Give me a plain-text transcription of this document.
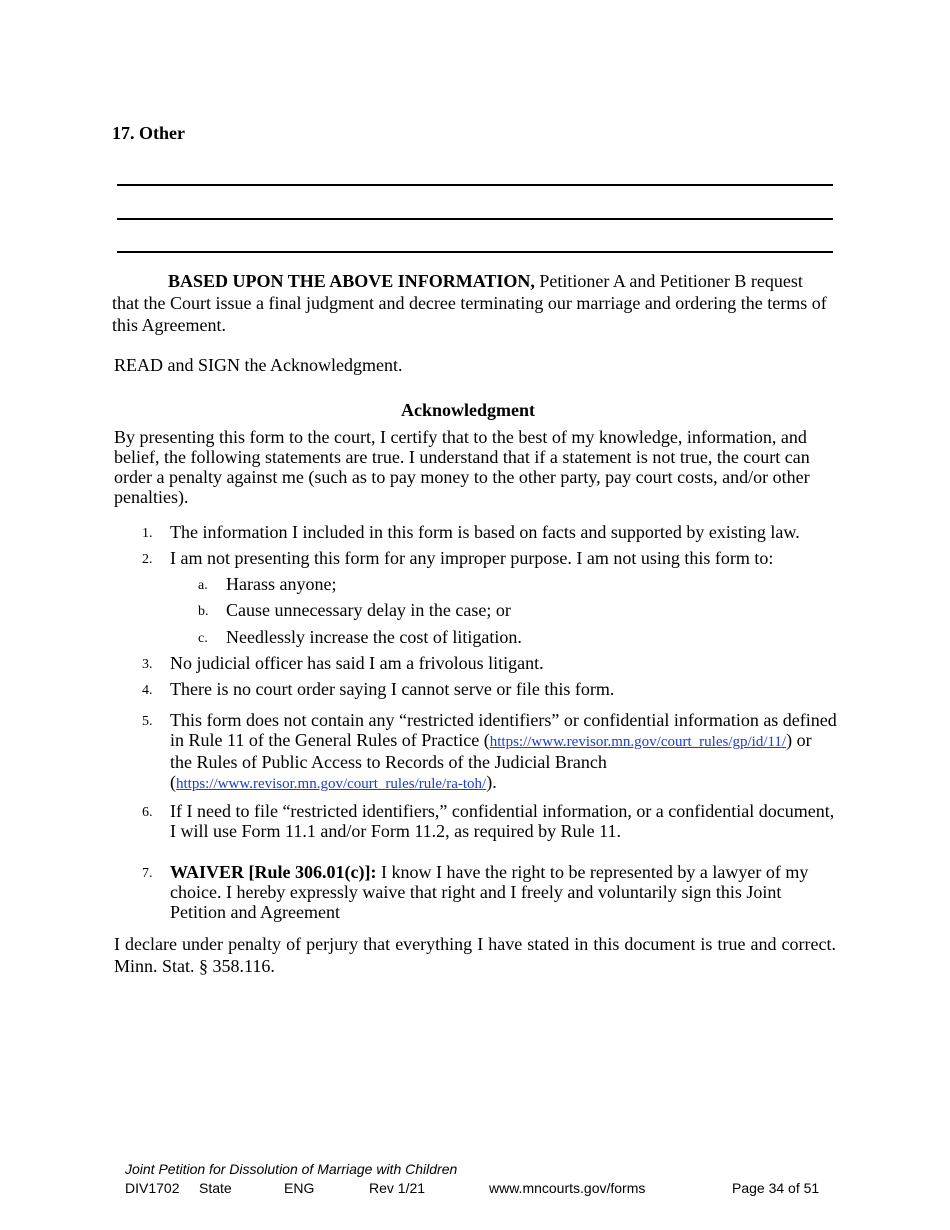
17. Other
BASED UPON THE ABOVE INFORMATION, Petitioner A and Petitioner B request that the Court issue a final judgment and decree terminating our marriage and ordering the terms of this Agreement.
READ and SIGN the Acknowledgment.
Acknowledgment
By presenting this form to the court, I certify that to the best of my knowledge, information, and belief, the following statements are true. I understand that if a statement is not true, the court can order a penalty against me (such as to pay money to the other party, pay court costs, and/or other penalties).
1. The information I included in this form is based on facts and supported by existing law.
2. I am not presenting this form for any improper purpose. I am not using this form to:
a. Harass anyone;
b. Cause unnecessary delay in the case; or
c. Needlessly increase the cost of litigation.
3. No judicial officer has said I am a frivolous litigant.
4. There is no court order saying I cannot serve or file this form.
5. This form does not contain any “restricted identifiers” or confidential information as defined in Rule 11 of the General Rules of Practice (https://www.revisor.mn.gov/court_rules/gp/id/11/) or the Rules of Public Access to Records of the Judicial Branch (https://www.revisor.mn.gov/court_rules/rule/ra-toh/).
6. If I need to file “restricted identifiers,” confidential information, or a confidential document, I will use Form 11.1 and/or Form 11.2, as required by Rule 11.
7. WAIVER [Rule 306.01(c)]: I know I have the right to be represented by a lawyer of my choice. I hereby expressly waive that right and I freely and voluntarily sign this Joint Petition and Agreement
I declare under penalty of perjury that everything I have stated in this document is true and correct. Minn. Stat. § 358.116.
Joint Petition for Dissolution of Marriage with Children
DIV1702 State	ENG	Rev 1/21	www.mncourts.gov/forms	Page 34 of 51
